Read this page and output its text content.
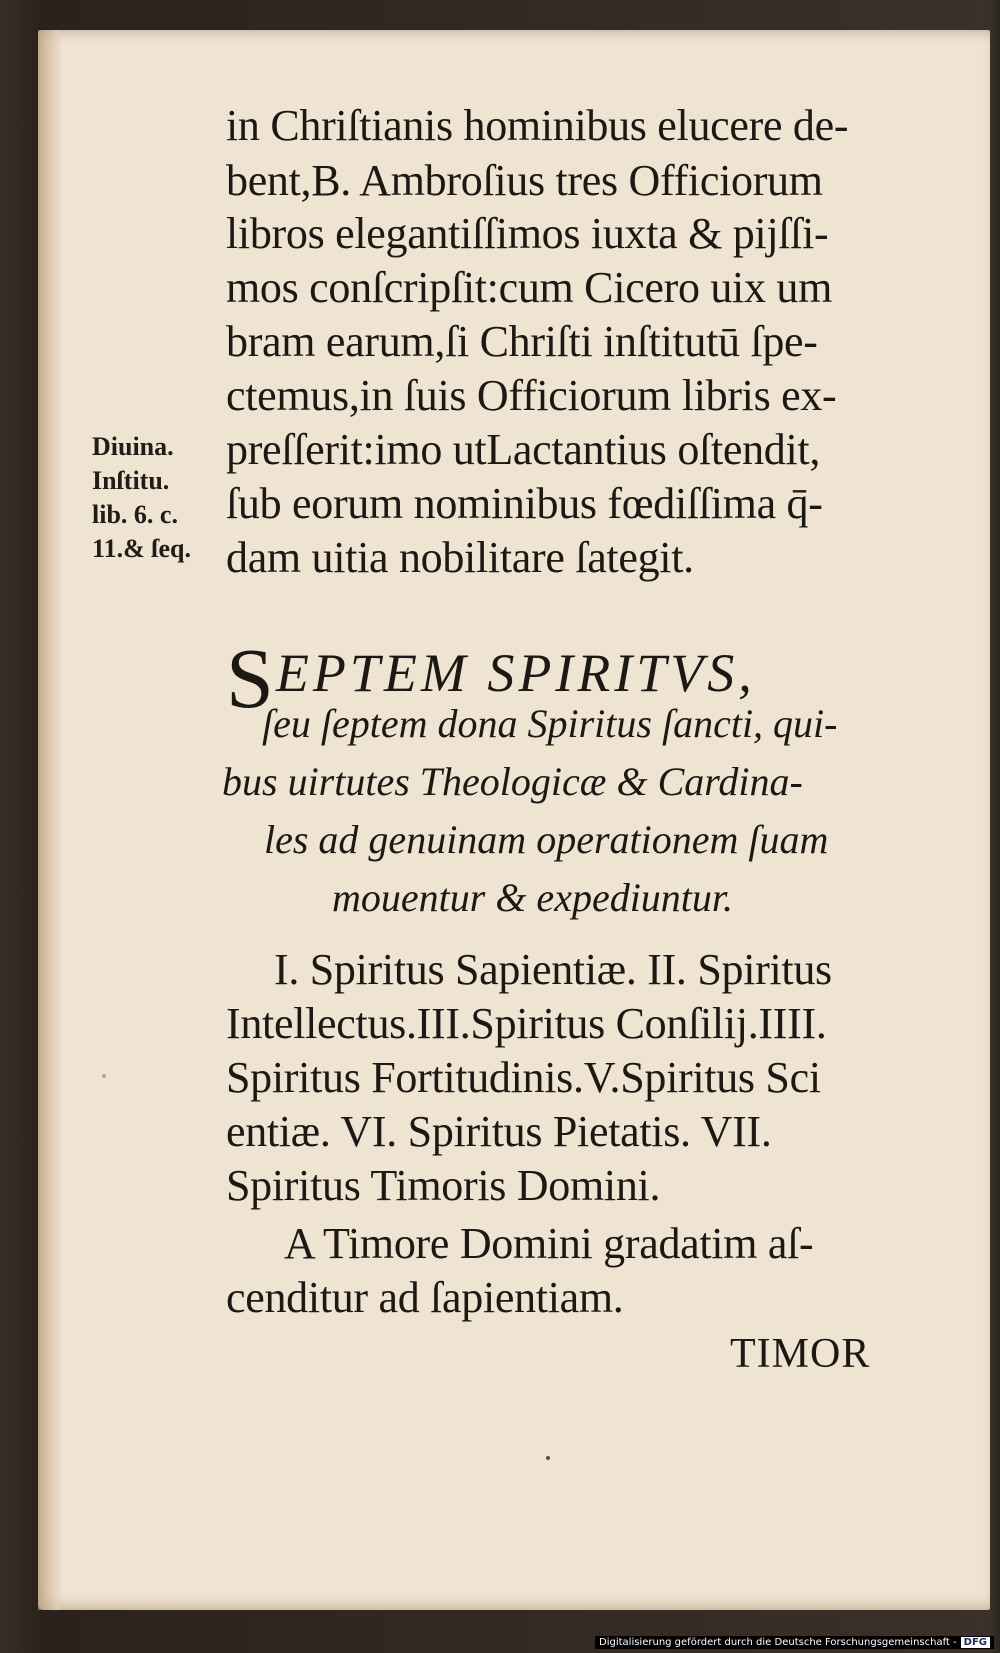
in Chriſtianis hominibus elucere de-
bent,B. Ambroſius tres Officiorum
libros elegantiſſimos iuxta & pijſſi-
mos conſcripſit:cum Cicero uix um
bram earum,ſi Chriſti inſtitutū ſpe-
ctemus,in ſuis Officiorum libris ex-
preſſerit:imo utLactantius oſtendit,
ſub eorum nominibus fœdiſſima q̄-
dam uitia nobilitare ſategit.
Diuina.
Inſtitu.
lib. 6. c.
11.& ſeq.
SEPTEM SPIRITVS,
ſeu ſeptem dona Spiritus ſancti, qui-
bus uirtutes Theologicæ & Cardina-
les ad genuinam operationem ſuam
mouentur & expediuntur.
I. Spiritus Sapientiæ. II. Spiritus
Intellectus.III.Spiritus Conſilij.IIII.
Spiritus Fortitudinis.V.Spiritus Sci
entiæ. VI. Spiritus Pietatis. VII.
Spiritus Timoris Domini.
A Timore Domini gradatim aſ-
cenditur ad ſapientiam.
TIMOR
Digitalisierung gefördert durch die Deutsche Forschungsgemeinschaft - DFG
